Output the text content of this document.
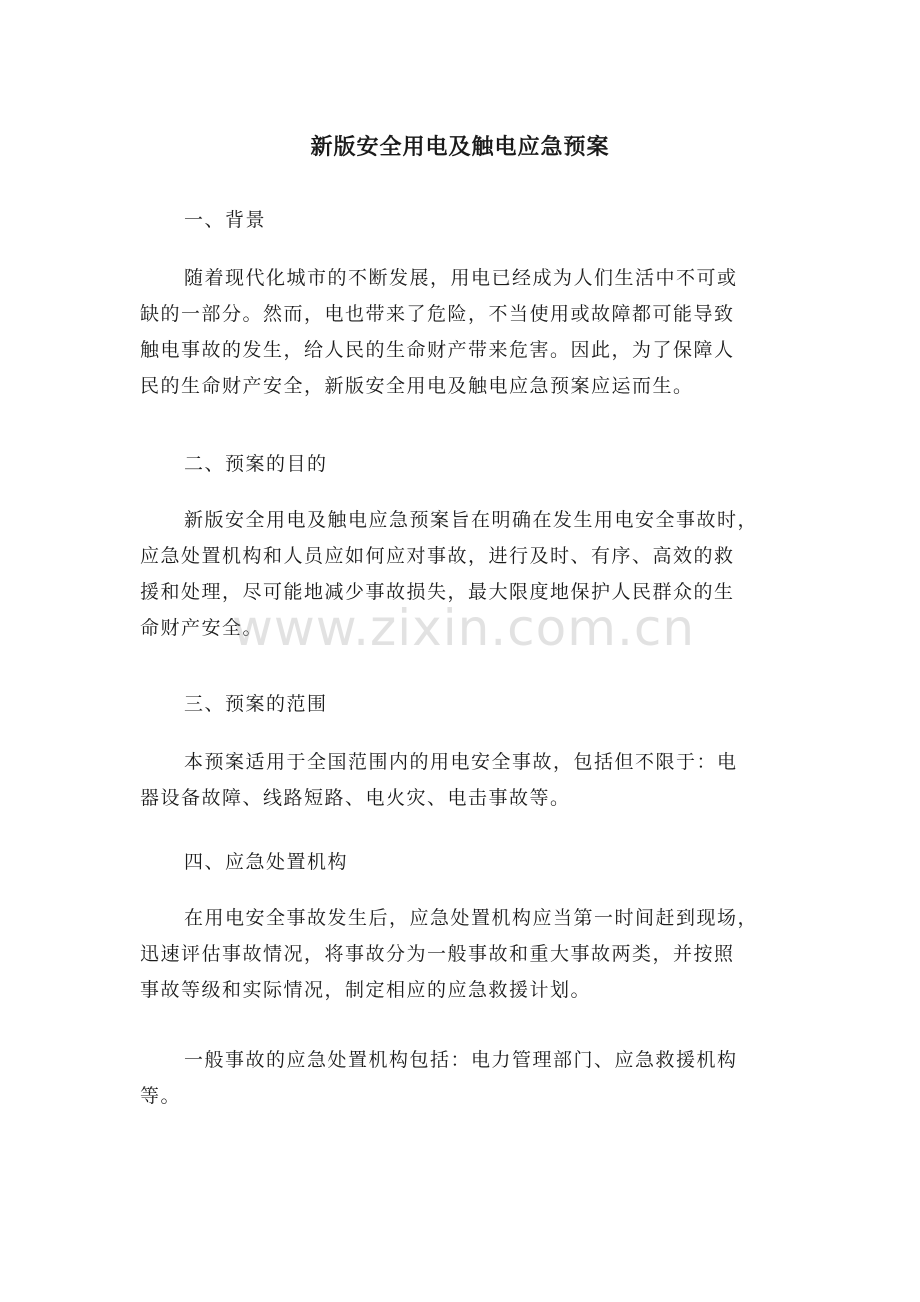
新版安全用电及触电应急预案

一、背景

随着现代化城市的不断发展，用电已经成为人们生活中不可或
缺的一部分。然而，电也带来了危险，不当使用或故障都可能导致
触电事故的发生，给人民的生命财产带来危害。因此，为了保障人
民的生命财产安全，新版安全用电及触电应急预案应运而生。

二、预案的目的

新版安全用电及触电应急预案旨在明确在发生用电安全事故时，
应急处置机构和人员应如何应对事故，进行及时、有序、高效的救
援和处理，尽可能地减少事故损失，最大限度地保护人民群众的生
命财产安全。

三、预案的范围

本预案适用于全国范围内的用电安全事故，包括但不限于：电
器设备故障、线路短路、电火灾、电击事故等。

四、应急处置机构

在用电安全事故发生后，应急处置机构应当第一时间赶到现场，
迅速评估事故情况，将事故分为一般事故和重大事故两类，并按照
事故等级和实际情况，制定相应的应急救援计划。

一般事故的应急处置机构包括：电力管理部门、应急救援机构
等。

www.zixin.com.cn
